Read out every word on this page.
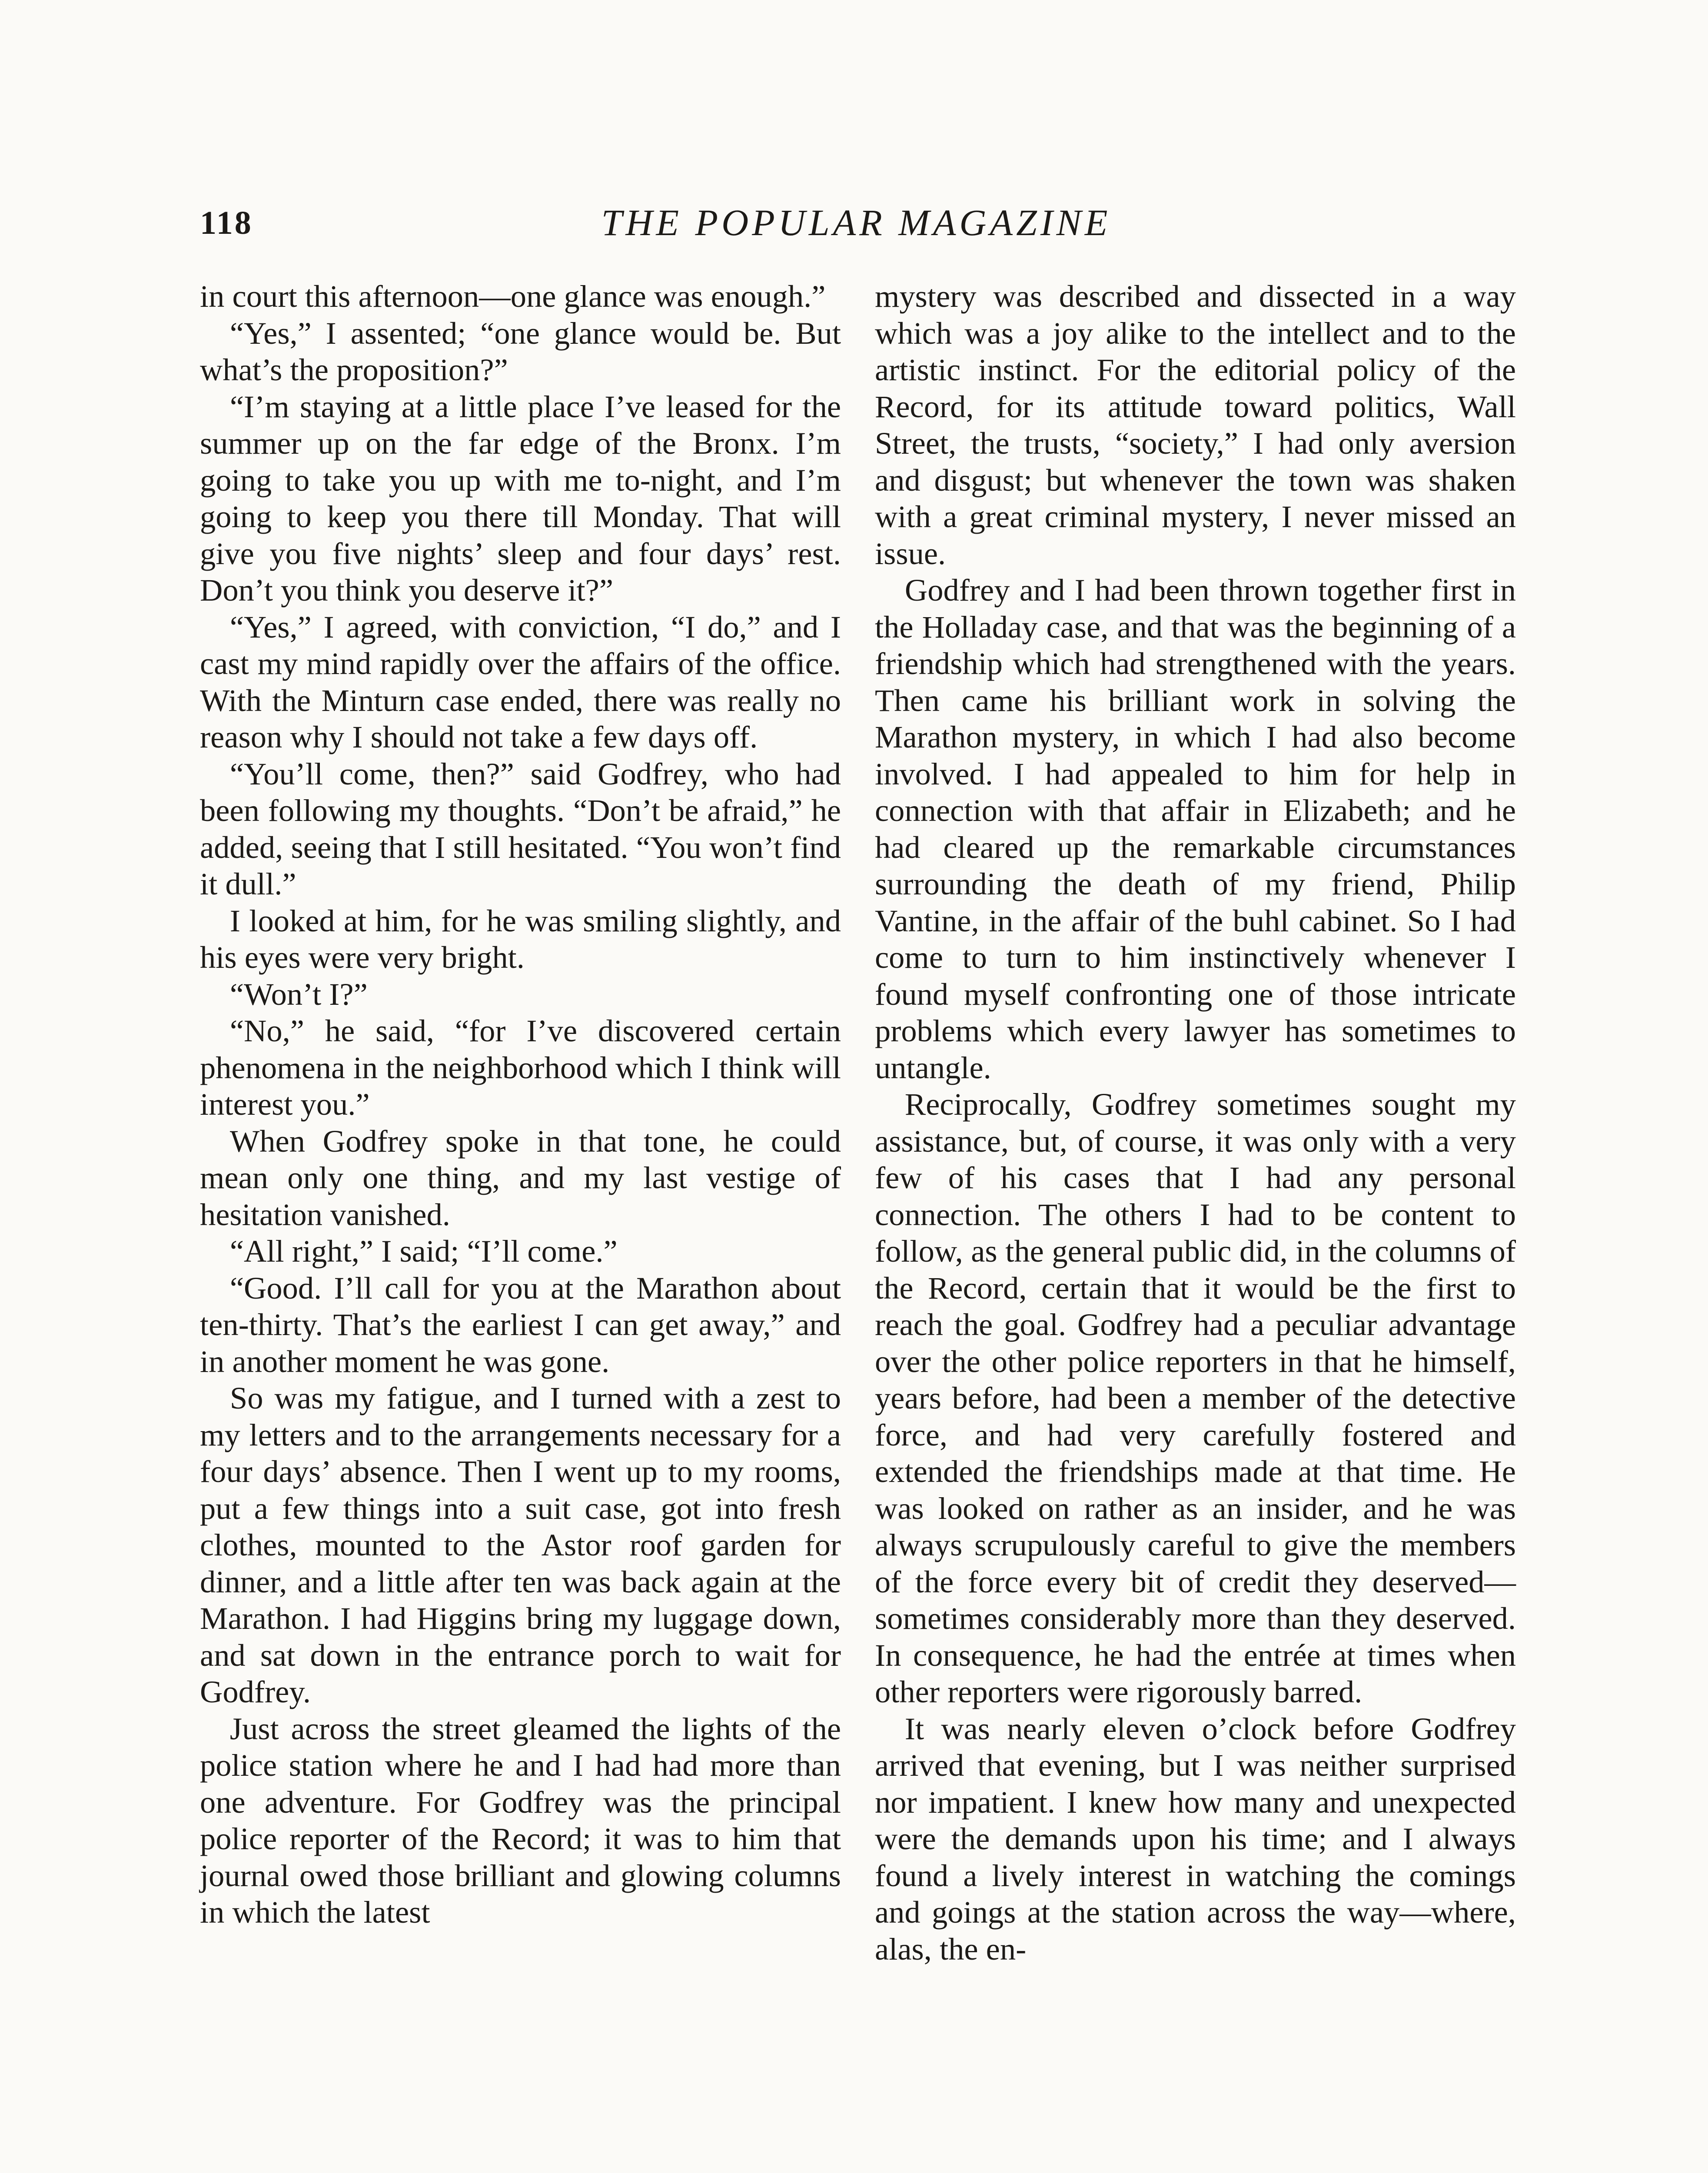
118	THE POPULAR MAGAZINE

in court this afternoon—one glance was enough.”

“Yes,” I assented; “one glance would be. But what’s the proposition?”

“I’m staying at a little place I’ve leased for the summer up on the far edge of the Bronx. I’m going to take you up with me to-night, and I’m going to keep you there till Monday. That will give you five nights’ sleep and four days’ rest. Don’t you think you deserve it?”

“Yes,” I agreed, with conviction, “I do,” and I cast my mind rapidly over the affairs of the office. With the Minturn case ended, there was really no reason why I should not take a few days off.

“You’ll come, then?” said Godfrey, who had been following my thoughts. “Don’t be afraid,” he added, seeing that I still hesitated. “You won’t find it dull.”

I looked at him, for he was smiling slightly, and his eyes were very bright.

“Won’t I?”

“No,” he said, “for I’ve discovered certain phenomena in the neighborhood which I think will interest you.”

When Godfrey spoke in that tone, he could mean only one thing, and my last vestige of hesitation vanished.

“All right,” I said; “I’ll come.”

“Good. I’ll call for you at the Marathon about ten-thirty. That’s the earliest I can get away,” and in another moment he was gone.

So was my fatigue, and I turned with a zest to my letters and to the arrangements necessary for a four days’ absence. Then I went up to my rooms, put a few things into a suit case, got into fresh clothes, mounted to the Astor roof garden for dinner, and a little after ten was back again at the Marathon. I had Higgins bring my luggage down, and sat down in the entrance porch to wait for Godfrey.

Just across the street gleamed the lights of the police station where he and I had had more than one adventure. For Godfrey was the principal police reporter of the Record; it was to him that journal owed those brilliant and glowing columns in which the latest

mystery was described and dissected in a way which was a joy alike to the intellect and to the artistic instinct. For the editorial policy of the Record, for its attitude toward politics, Wall Street, the trusts, “society,” I had only aversion and disgust; but whenever the town was shaken with a great criminal mystery, I never missed an issue.

Godfrey and I had been thrown together first in the Holladay case, and that was the beginning of a friendship which had strengthened with the years. Then came his brilliant work in solving the Marathon mystery, in which I had also become involved. I had appealed to him for help in connection with that affair in Elizabeth; and he had cleared up the remarkable circumstances surrounding the death of my friend, Philip Vantine, in the affair of the buhl cabinet. So I had come to turn to him instinctively whenever I found myself confronting one of those intricate problems which every lawyer has sometimes to untangle.

Reciprocally, Godfrey sometimes sought my assistance, but, of course, it was only with a very few of his cases that I had any personal connection. The others I had to be content to follow, as the general public did, in the columns of the Record, certain that it would be the first to reach the goal. Godfrey had a peculiar advantage over the other police reporters in that he himself, years before, had been a member of the detective force, and had very carefully fostered and extended the friendships made at that time. He was looked on rather as an insider, and he was always scrupulously careful to give the members of the force every bit of credit they deserved—sometimes considerably more than they deserved. In consequence, he had the entrée at times when other reporters were rigorously barred.

It was nearly eleven o’clock before Godfrey arrived that evening, but I was neither surprised nor impatient. I knew how many and unexpected were the demands upon his time; and I always found a lively interest in watching the comings and goings at the station across the way—where, alas, the en-
